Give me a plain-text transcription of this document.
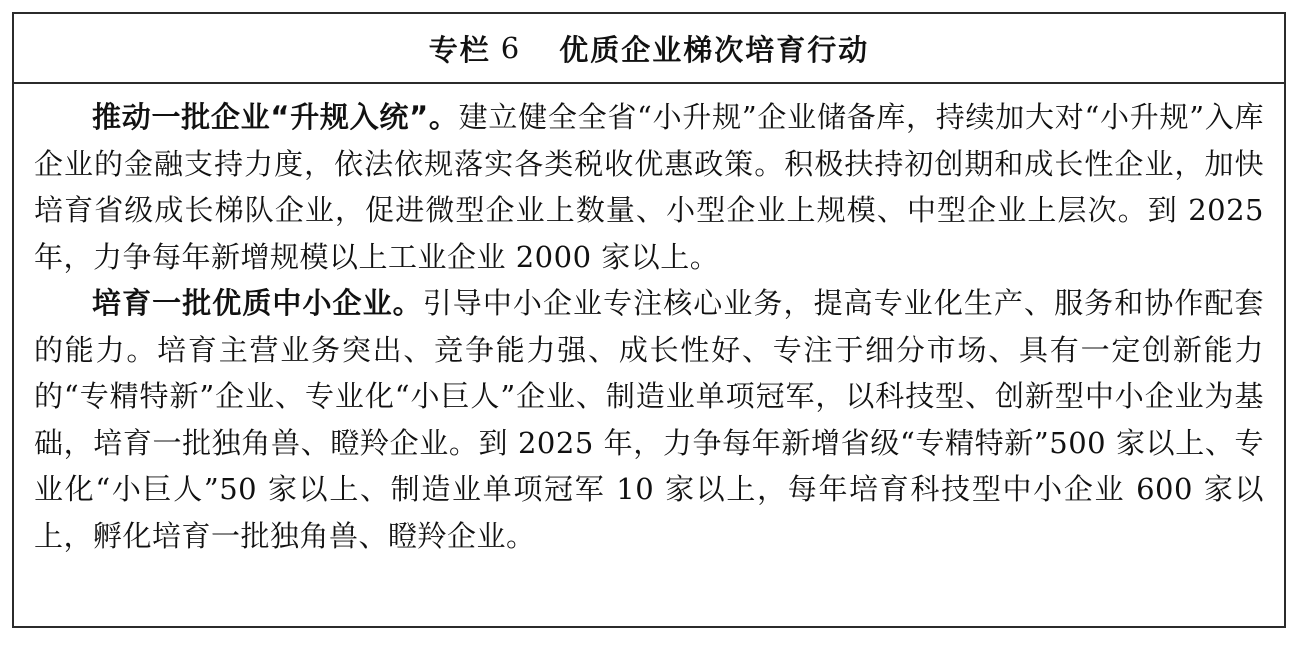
专栏 6 优质企业梯次培育行动

推动一批企业“升规入统”。建立健全全省“小升规”企业储备库，持续加大对“小升规”入库企业的金融支持力度，依法依规落实各类税收优惠政策。积极扶持初创期和成长性企业，加快培育省级成长梯队企业，促进微型企业上数量、小型企业上规模、中型企业上层次。到 2025 年，力争每年新增规模以上工业企业 2000 家以上。

培育一批优质中小企业。引导中小企业专注核心业务，提高专业化生产、服务和协作配套的能力。培育主营业务突出、竞争能力强、成长性好、专注于细分市场、具有一定创新能力的“专精特新”企业、专业化“小巨人”企业、制造业单项冠军，以科技型、创新型中小企业为基础，培育一批独角兽、瞪羚企业。到 2025 年，力争每年新增省级“专精特新”500 家以上、专业化“小巨人”50 家以上、制造业单项冠军 10 家以上，每年培育科技型中小企业 600 家以上，孵化培育一批独角兽、瞪羚企业。
